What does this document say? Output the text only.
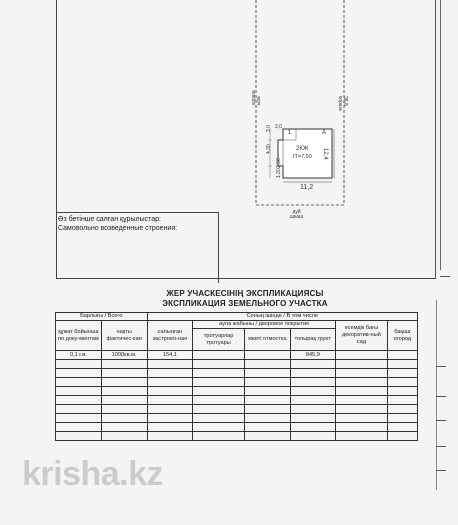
1	А
2КЖ
IT=7,50
11,2
12,4
2,0
3,0
4,30
2,90
1,20
корша
ыза	38,8
корша
дүй
шкаш
Өз бетінше салған құрылыстар:
Самовольно возведенные строения:
ЖЕР УЧАСКЕСІНІҢ ЭКСПЛИКАЦИЯСЫ
ЭКСПЛИКАЦИЯ ЗЕМЕЛЬНОГО УЧАСТКА
Барлығы / Всего		Соның ішінде / В том числе					
құжат бойынша по доку-ментам	нақты фактичес-кая	салынған застроен-ная	аула жабыны / дворовое покрытие			әсемдік бағы декоратив-ный сад	бақша огород
			тротуарлар тротуары	әжеті отмостка	топырақ грунт		
0,1 г.в.	1000кв.м.	154,1			845,9		

krisha.kz
